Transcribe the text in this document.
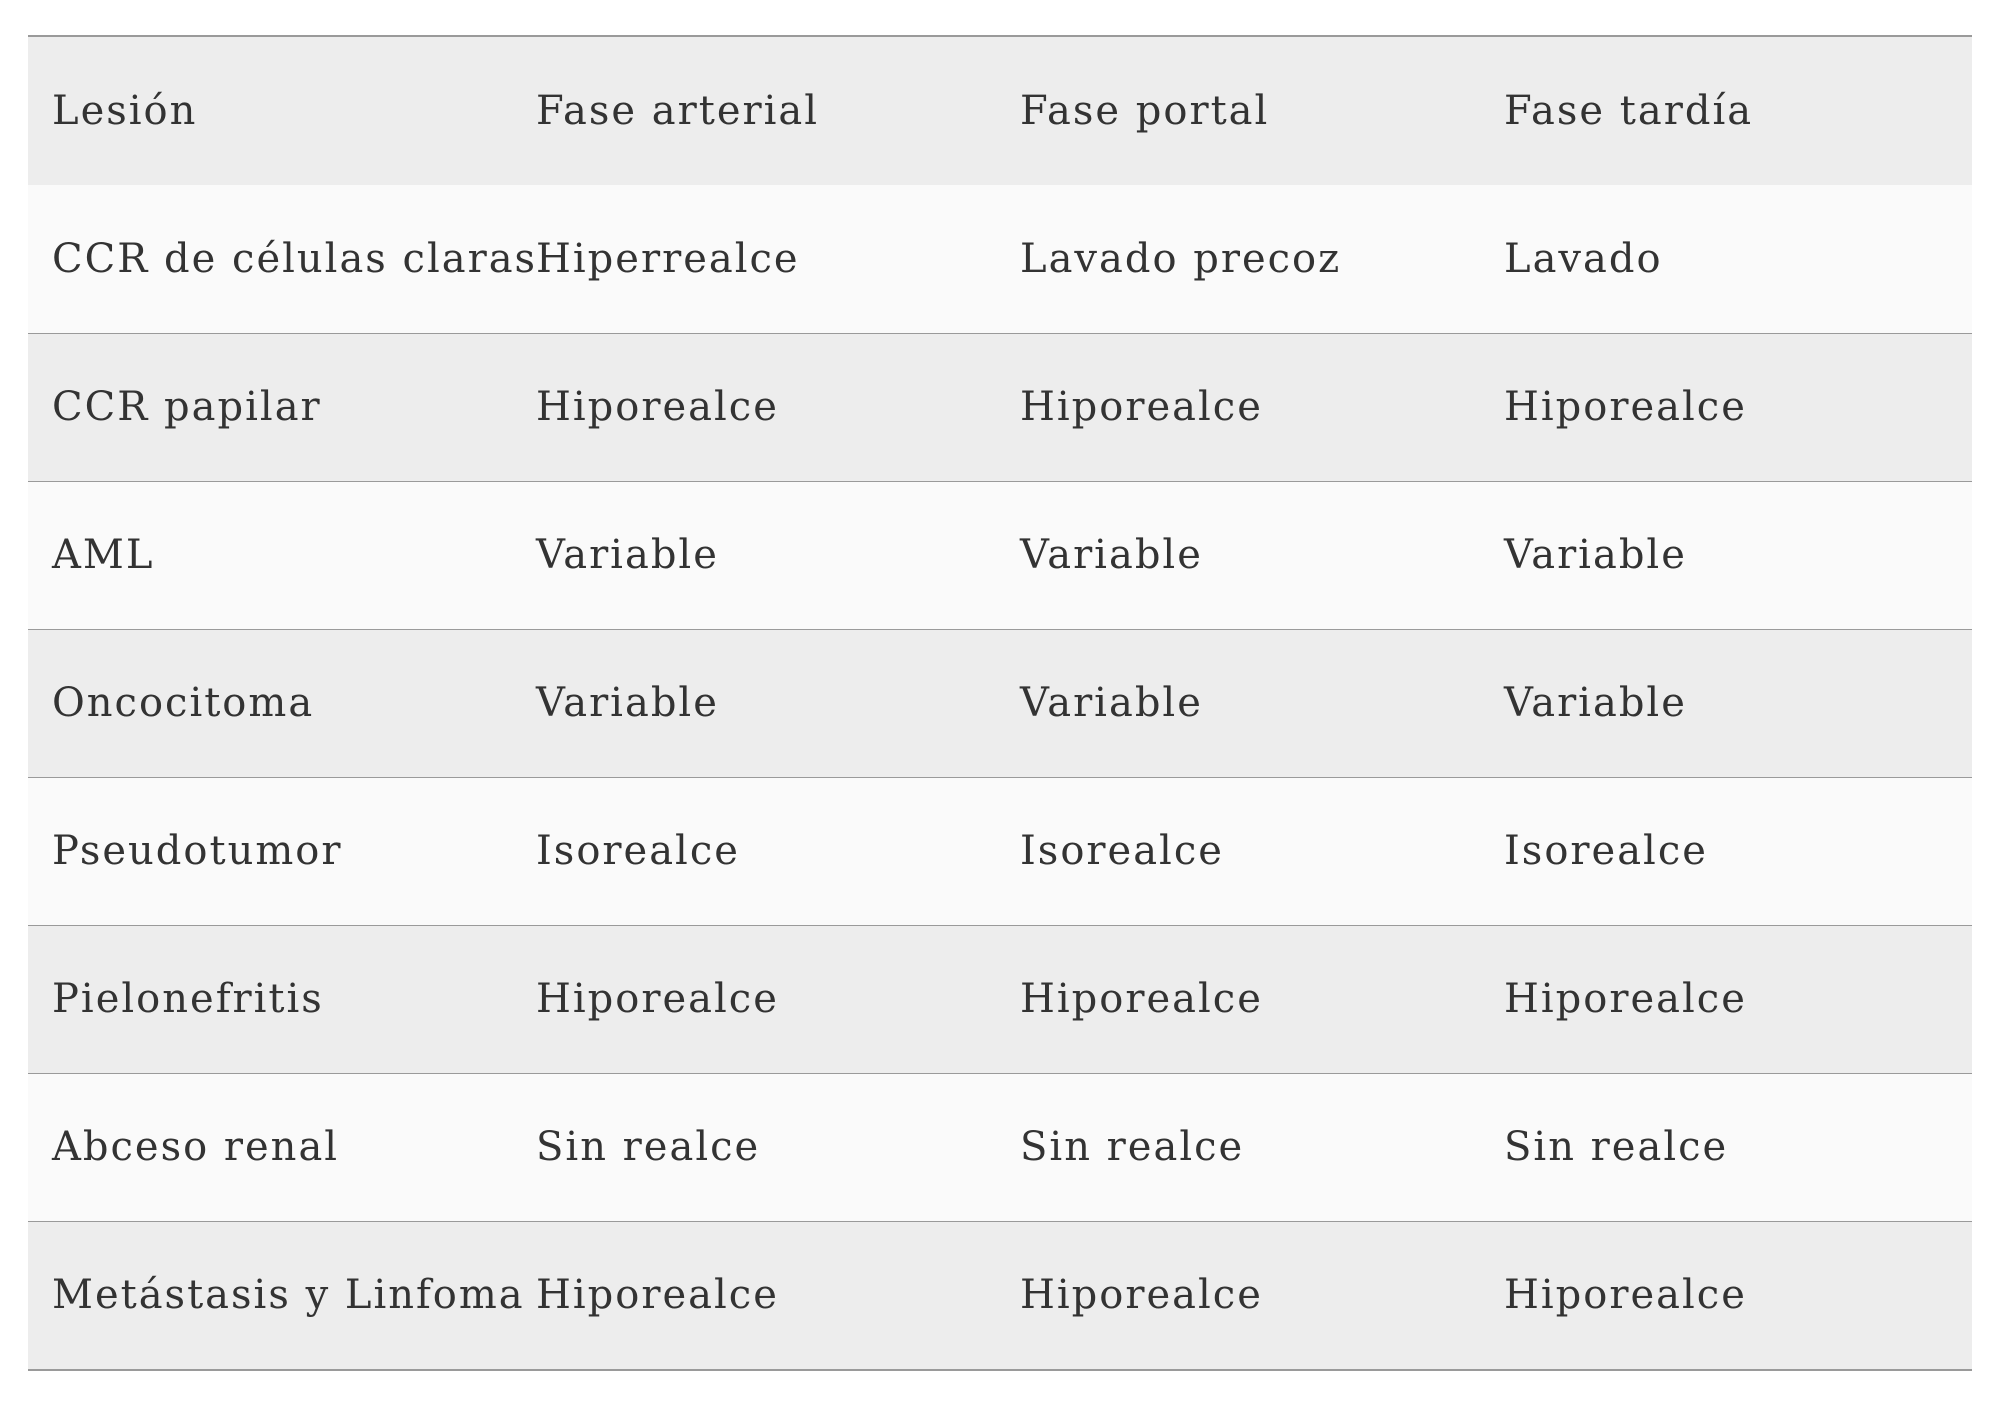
Lesión	Fase arterial	Fase portal	Fase tardía
CCR de células claras	Hiperrealce	Lavado precoz	Lavado
CCR papilar	Hiporealce	Hiporealce	Hiporealce
AML	Variable	Variable	Variable
Oncocitoma	Variable	Variable	Variable
Pseudotumor	Isorealce	Isorealce	Isorealce
Pielonefritis	Hiporealce	Hiporealce	Hiporealce
Abceso renal	Sin realce	Sin realce	Sin realce
Metástasis y Linfoma	Hiporealce	Hiporealce	Hiporealce
